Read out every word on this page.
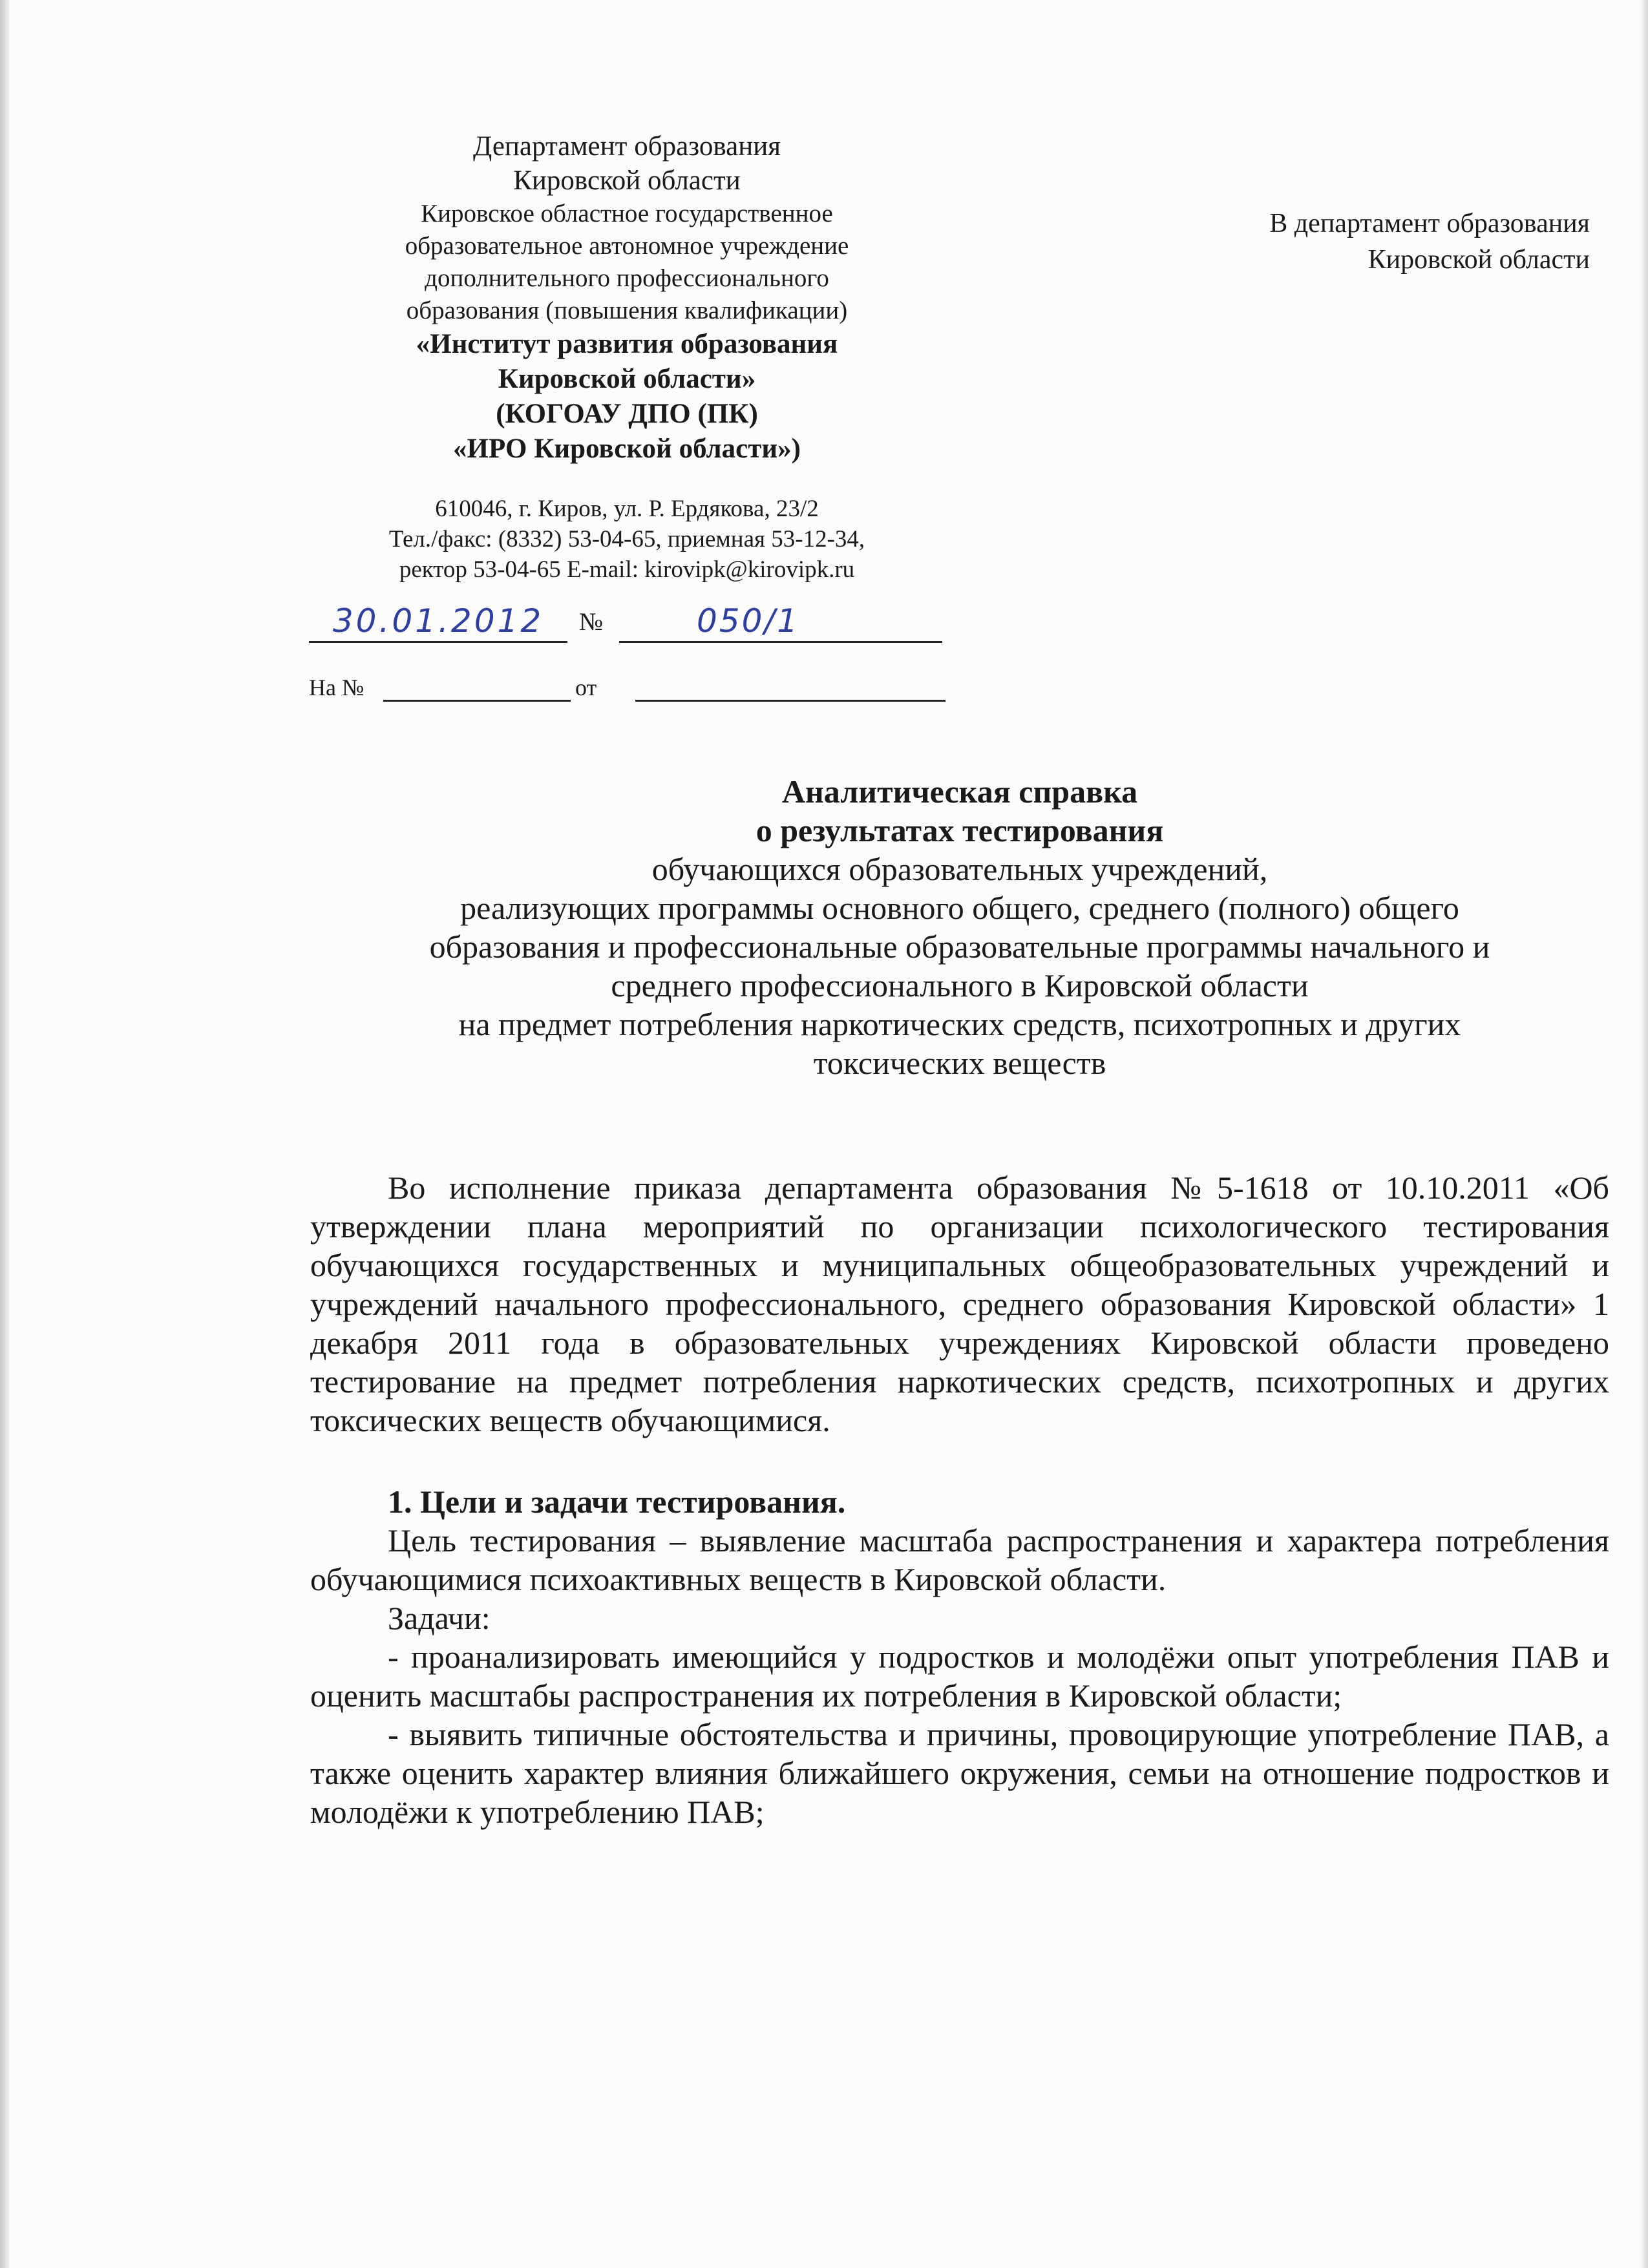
Департамент образования
Кировской области
Кировское областное государственное
образовательное автономное учреждение
дополнительного профессионального
образования (повышения квалификации)
«Институт развития образования
Кировской области»
(КОГОАУ ДПО (ПК)
«ИРО Кировской области»)
610046, г. Киров, ул. Р. Ердякова, 23/2
Тел./факс: (8332) 53-04-65, приемная 53-12-34,
ректор 53-04-65 E-mail: kirovipk@kirovipk.ru
В департамент образования
Кировской области
30.01.2012	№	050/1
На №	от
Аналитическая справка
о результатах тестирования
обучающихся образовательных учреждений,
реализующих программы основного общего, среднего (полного) общего
образования и профессиональные образовательные программы начального и
среднего профессионального в Кировской области
на предмет потребления наркотических средств, психотропных и других
токсических веществ

Во исполнение приказа департамента образования №5-1618 от 10.10.2011 «Об утверждении плана мероприятий по организации психологического тестирования обучающихся государственных и муниципальных общеобразовательных учреждений и учреждений начального профессионального, среднего образования Кировской области» 1 декабря 2011 года в образовательных учреждениях Кировской области проведено тестирование на предмет потребления наркотических средств, психотропных и других токсических веществ обучающимися.

1. Цели и задачи тестирования.

Цель тестирования – выявление масштаба распространения и характера потребления обучающимися психоактивных веществ в Кировской области.

Задачи:

- проанализировать имеющийся у подростков и молодёжи опыт употребления ПАВ и оценить масштабы распространения их потребления в Кировской области;

- выявить типичные обстоятельства и причины, провоцирующие употребление ПАВ, а также оценить характер влияния ближайшего окружения, семьи на отношение подростков и молодёжи к употреблению ПАВ;
